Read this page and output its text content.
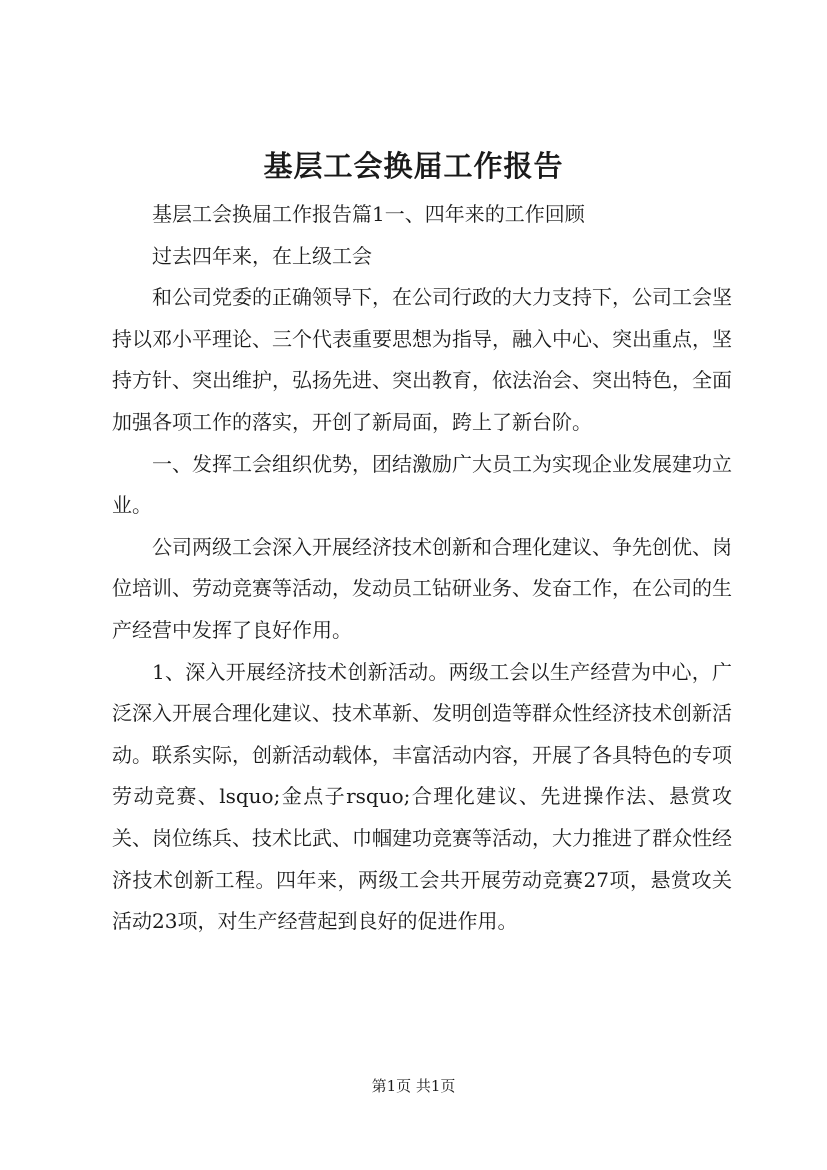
基层工会换届工作报告

基层工会换届工作报告篇1一、四年来的工作回顾

过去四年来，在上级工会

和公司党委的正确领导下，在公司行政的大力支持下，公司工会坚持以邓小平理论、三个代表重要思想为指导，融入中心、突出重点，坚持方针、突出维护，弘扬先进、突出教育，依法治会、突出特色，全面加强各项工作的落实，开创了新局面，跨上了新台阶。

一、发挥工会组织优势，团结激励广大员工为实现企业发展建功立业。

公司两级工会深入开展经济技术创新和合理化建议、争先创优、岗位培训、劳动竞赛等活动，发动员工钻研业务、发奋工作，在公司的生产经营中发挥了良好作用。

1、深入开展经济技术创新活动。两级工会以生产经营为中心，广泛深入开展合理化建议、技术革新、发明创造等群众性经济技术创新活动。联系实际，创新活动载体，丰富活动内容，开展了各具特色的专项劳动竞赛、lsquo;金点子rsquo;合理化建议、先进操作法、悬赏攻关、岗位练兵、技术比武、巾帼建功竞赛等活动，大力推进了群众性经济技术创新工程。四年来，两级工会共开展劳动竞赛27项，悬赏攻关活动23项，对生产经营起到良好的促进作用。

第1页 共1页
